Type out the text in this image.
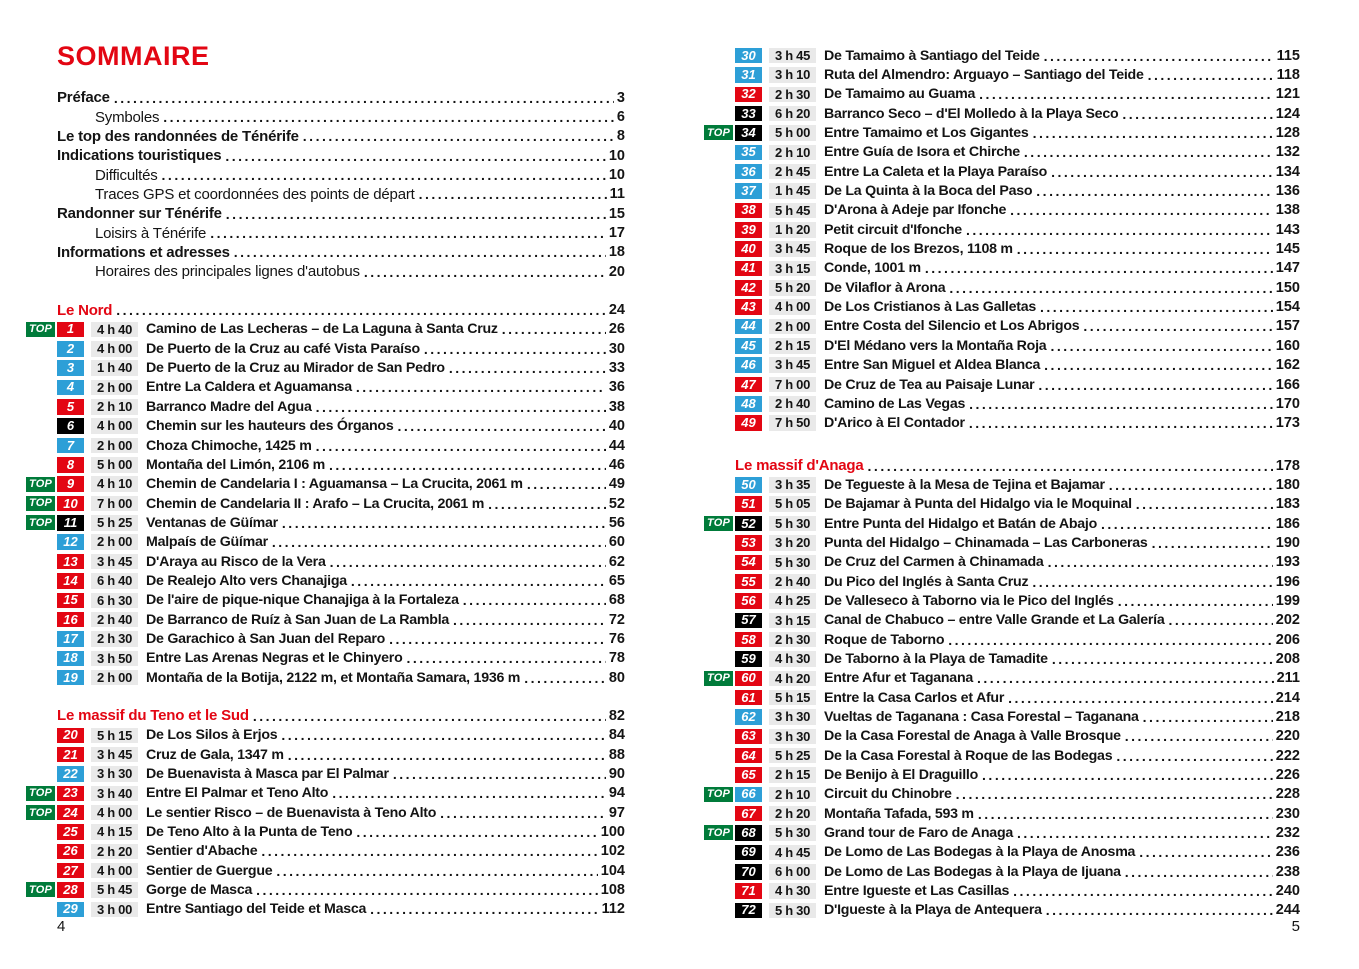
SOMMAIRE
Préface .....	3
Symboles .....	6
Le top des randonnées de Ténérife .....	8
Indications touristiques .....	10
Difficultés .....	10
Traces GPS et coordonnées des points de départ .....	11
Randonner sur Ténérife .....	15
Loisirs à Ténérife .....	17
Informations et adresses .....	18
Horaires des principales lignes d'autobus .....	20
Le Nord .....	24
TOP	1	4 h 40 Camino de Las Lecheras – de La Laguna à Santa Cruz .....	26
2	4 h 00 De Puerto de la Cruz au café Vista Paraíso .....	30
3	1 h 40 De Puerto de la Cruz au Mirador de San Pedro .....	33
4	2 h 00 Entre La Caldera et Aguamansa .....	36
5	2 h 10 Barranco Madre del Agua .....	38
6	4 h 00 Chemin sur les hauteurs des Órganos .....	40
7	2 h 00 Choza Chimoche, 1425 m .....	44
8	5 h 00 Montaña del Limón, 2106 m .....	46
TOP	9	4 h 10 Chemin de Candelaria I : Aguamansa – La Crucita, 2061 m .....	49
TOP 10	7 h 00 Chemin de Candelaria II : Arafo – La Crucita, 2061 m .....	52
TOP 11	5 h 25 Ventanas de Güímar .....	56
12	2 h 00 Malpaís de Güímar .....	60
13	3 h 45 D'Araya au Risco de la Vera .....	62
14	6 h 40 De Realejo Alto vers Chanajiga .....	65
15	6 h 30 De l'aire de pique-nique Chanajiga à la Fortaleza .....	68
16	2 h 40 De Barranco de Ruíz à San Juan de La Rambla .....	72
17	2 h 30 De Garachico à San Juan del Reparo .....	76
18	3 h 50 Entre Las Arenas Negras et le Chinyero .....	78
19	2 h 00 Montaña de la Botija, 2122 m, et Montaña Samara, 1936 m .....	80
Le massif du Teno et le Sud .....	82
20	5 h 15 De Los Silos à Erjos .....	84
21	3 h 45 Cruz de Gala, 1347 m .....	88
22	3 h 30 De Buenavista à Masca par El Palmar .....	90
TOP 23	3 h 40 Entre El Palmar et Teno Alto .....	94
TOP 24	4 h 00 Le sentier Risco – de Buenavista à Teno Alto .....	97
25	4 h 15 De Teno Alto à la Punta de Teno .....	100
26	2 h 20 Sentier d'Abache .....	102
27	4 h 00 Sentier de Guergue .....	104
TOP 28	5 h 45 Gorge de Masca .....	108
29	3 h 00 Entre Santiago del Teide et Masca .....	112
4
30	3 h 45 De Tamaimo à Santiago del Teide .....	115
31	3 h 10 Ruta del Almendro: Arguayo – Santiago del Teide .....	118
32	2 h 30 De Tamaimo au Guama .....	121
33	6 h 20 Barranco Seco – d'El Molledo à la Playa Seco .....	124
TOP 34	5 h 00 Entre Tamaimo et Los Gigantes .....	128
35	2 h 10 Entre Guía de Isora et Chirche .....	132
36	2 h 45 Entre La Caleta et la Playa Paraíso .....	134
37	1 h 45 De La Quinta à la Boca del Paso .....	136
38	5 h 45 D'Arona à Adeje par Ifonche .....	138
39	1 h 20 Petit circuit d'Ifonche .....	143
40	3 h 45 Roque de los Brezos, 1108 m .....	145
41	3 h 15 Conde, 1001 m .....	147
42	5 h 20 De Vilaflor à Arona .....	150
43	4 h 00 De Los Cristianos à Las Galletas .....	154
44	2 h 00 Entre Costa del Silencio et Los Abrigos .....	157
45	2 h 15 D'El Médano vers la Montaña Roja .....	160
46	3 h 45 Entre San Miguel et Aldea Blanca .....	162
47	7 h 00 De Cruz de Tea au Paisaje Lunar .....	166
48	2 h 40 Camino de Las Vegas .....	170
49	7 h 50 D'Arico à El Contador .....	173
Le massif d'Anaga .....	178
50	3 h 35 De Tegueste à la Mesa de Tejina et Bajamar .....	180
51	5 h 05 De Bajamar à Punta del Hidalgo via le Moquinal .....	183
TOP 52	5 h 30 Entre Punta del Hidalgo et Batán de Abajo .....	186
53	3 h 20 Punta del Hidalgo – Chinamada – Las Carboneras .....	190
54	5 h 30 De Cruz del Carmen à Chinamada .....	193
55	2 h 40 Du Pico del Inglés à Santa Cruz .....	196
56	4 h 25 De Valleseco à Taborno via le Pico del Inglés .....	199
57	3 h 15 Canal de Chabuco – entre Valle Grande et La Galería .....	202
58	2 h 30 Roque de Taborno .....	206
59	4 h 30 De Taborno à la Playa de Tamadite .....	208
TOP 60	4 h 20 Entre Afur et Taganana .....	211
61	5 h 15 Entre la Casa Carlos et Afur .....	214
62	3 h 30 Vueltas de Taganana : Casa Forestal – Taganana .....	218
63	3 h 30 De la Casa Forestal de Anaga à Valle Brosque .....	220
64	5 h 25 De la Casa Forestal à Roque de las Bodegas .....	222
65	2 h 15 De Benijo à El Draguillo .....	226
TOP 66	2 h 10 Circuit du Chinobre .....	228
67	2 h 20 Montaña Tafada, 593 m .....	230
TOP 68	5 h 30 Grand tour de Faro de Anaga .....	232
69	4 h 45 De Lomo de Las Bodegas à la Playa de Anosma .....	236
70	6 h 00 De Lomo de Las Bodegas à la Playa de Ijuana .....	238
71	4 h 30 Entre Igueste et Las Casillas .....	240
72	5 h 30 D'Igueste à la Playa de Antequera .....	244
5
